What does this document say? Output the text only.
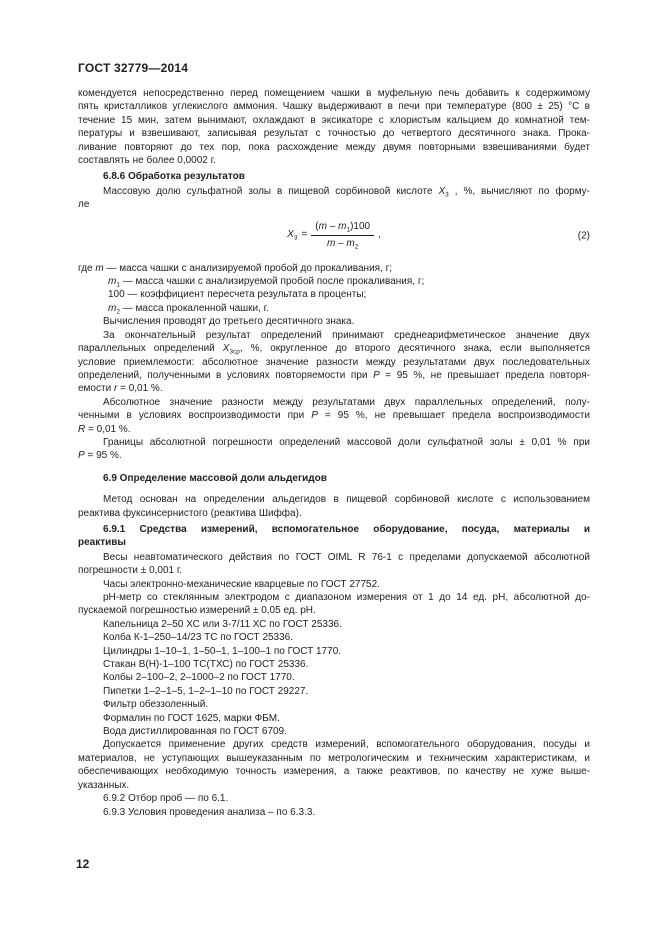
ГОСТ 32779—2014
комендуется непосредственно перед помещением чашки в муфельную печь добавить к содержимому
пять кристалликов углекислого аммония. Чашку выдерживают в печи при температуре (800 ± 25) °С в
течение 15 мин, затем вынимают, охлаждают в эксикаторе с хлористым кальцием до комнатной тем-
пературы и взвешивают, записывая результат с точностью до четвертого десятичного знака. Прока-
ливание повторяют до тех пор, пока расхождение между двумя повторными взвешиваниями будет
составлять не более 0,0002 г.
6.8.6 Обработка результатов
Массовую долю сульфатной золы в пищевой сорбиновой кислоте $X_3$ , %, вычисляют по форму-
ле
$X_3 = \frac{(m - m_1)100}{m - m_2}$ ,	(2)
где m — масса чашки с анализируемой пробой до прокаливания, г;
$m_1$ — масса чашки с анализируемой пробой после прокаливания, г;
100 — коэффициент пересчета результата в проценты;
$m_2$ — масса прокаленной чашки, г.
Вычисления проводят до третьего десятичного знака.
За окончательный результат определений принимают среднеарифметическое значение двух
параллельных определений $X_{3ср}$, %, округленное до второго десятичного знака, если выполняется
условие приемлемости: абсолютное значение разности между результатами двух последовательных
определений, полученными в условиях повторяемости при P = 95 %, не превышает предела повторя-
емости r = 0,01 %.
Абсолютное значение разности между результатами двух параллельных определений, полу-
ченными в условиях воспроизводимости при P = 95 %, не превышает предела воспроизводимости
R = 0,01 %.
Границы абсолютной погрешности определений массовой доли сульфатной золы ± 0,01 % при
P = 95 %.
6.9 Определение массовой доли альдегидов
Метод основан на определении альдегидов в пищевой сорбиновой кислоте с использованием
реактива фуксинсернистого (реактива Шиффа).
6.9.1 Средства измерений, вспомогательное оборудование, посуда, материалы и
реактивы
Весы неавтоматического действия по ГОСТ OIML R 76-1 с пределами допускаемой абсолютной
погрешности ± 0,001 г.
Часы электронно-механические кварцевые по ГОСТ 27752.
рН-метр со стеклянным электродом с диапазоном измерения от 1 до 14 ед. рН, абсолютной до-
пускаемой погрешностью измерений ± 0,05 ед. рН.
Капельница 2–50 ХС или 3-7/11 ХС по ГОСТ 25336.
Колба К-1–250–14/23 ТС по ГОСТ 25336.
Цилиндры 1–10–1, 1–50–1, 1–100–1 по ГОСТ 1770.
Стакан В(Н)-1–100 ТС(ТХС) по ГОСТ 25336.
Колбы 2–100–2, 2–1000–2 по ГОСТ 1770.
Пипетки 1–2–1–5, 1–2–1–10 по ГОСТ 29227.
Фильтр обеззоленный.
Формалин по ГОСТ 1625, марки ФБМ.
Вода дистиллированная по ГОСТ 6709.
Допускается применение других средств измерений, вспомогательного оборудования, посуды и
материалов, не уступающих вышеуказанным по метрологическим и техническим характеристикам, и
обеспечивающих необходимую точность измерения, а также реактивов, по качеству не хуже выше-
указанных.
6.9.2 Отбор проб — по 6.1.
6.9.3 Условия проведения анализа – по 6.3.3.
12
